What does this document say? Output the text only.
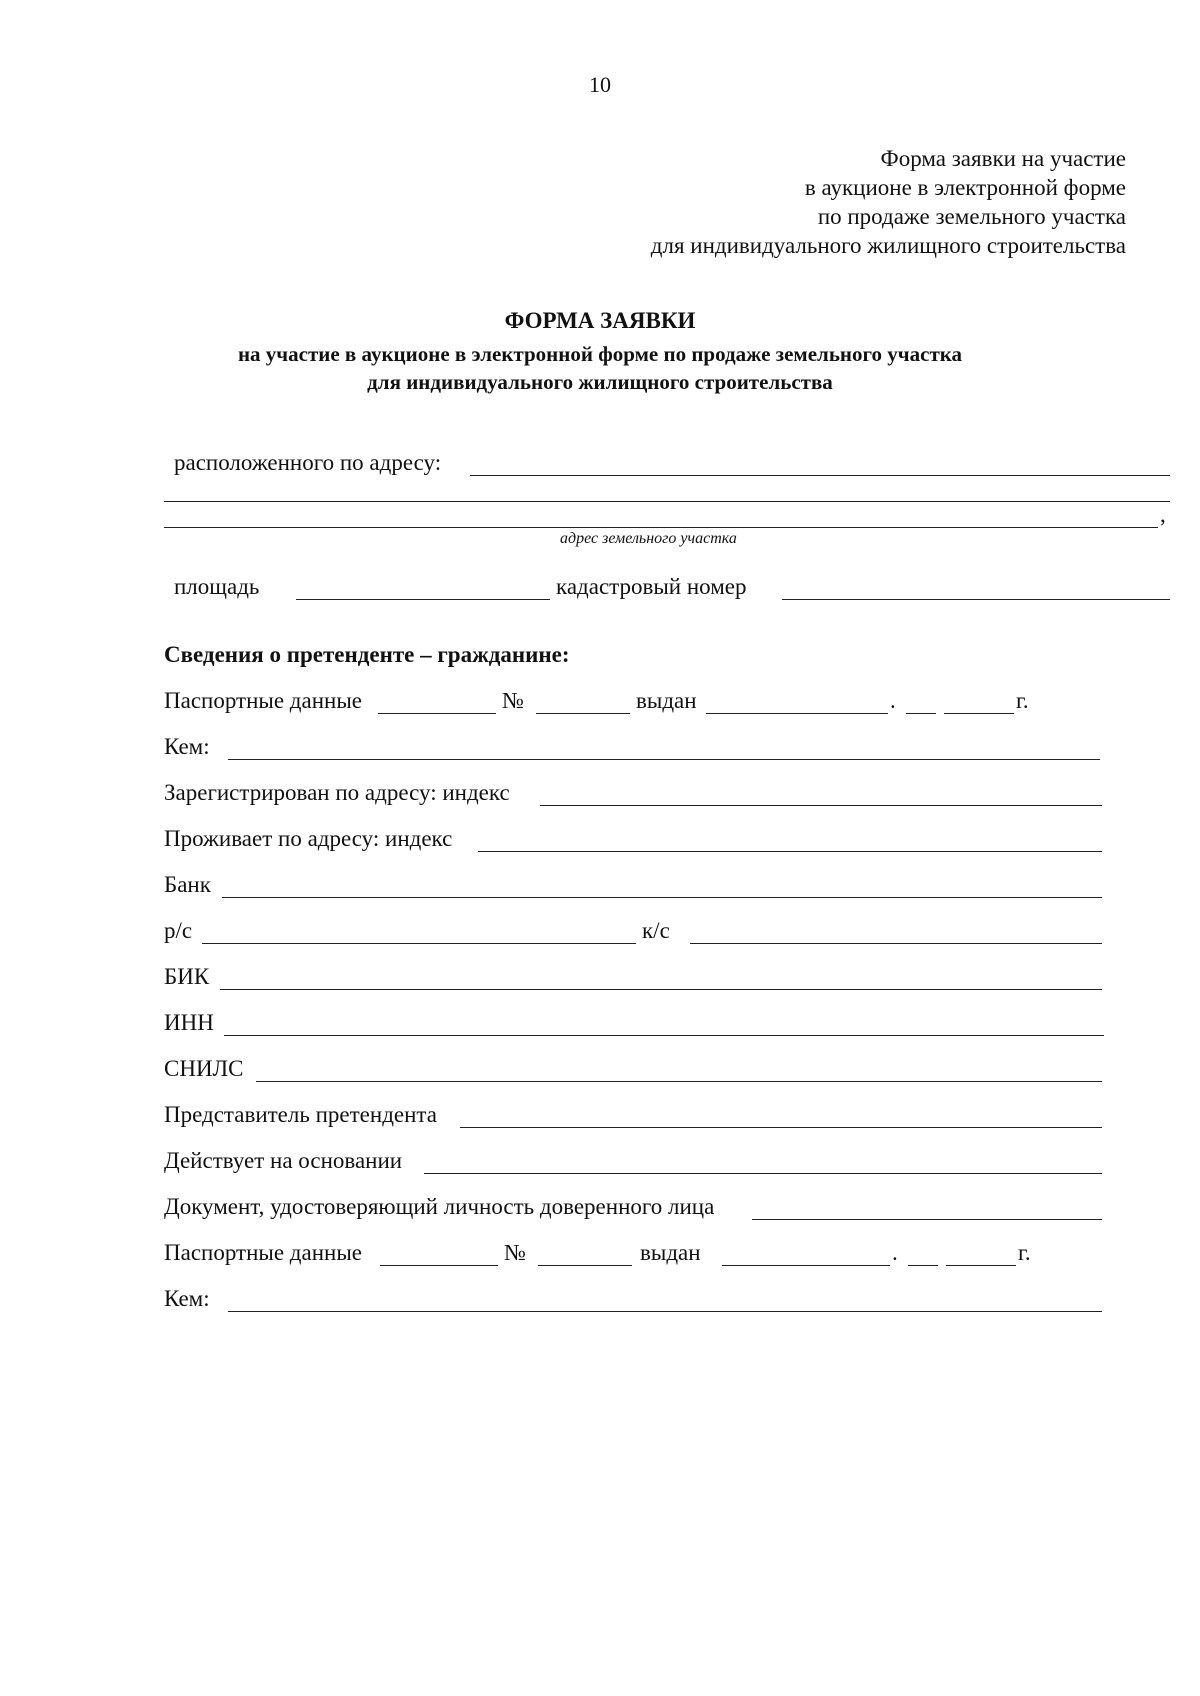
10
Форма заявки на участие
в аукционе в электронной форме
по продаже земельного участка
для индивидуального жилищного строительства
ФОРМА ЗАЯВКИ
на участие в аукционе в электронной форме по продаже земельного участка
для индивидуального жилищного строительства
расположенного по адресу:
,
адрес земельного участка
площадь	кадастровый номер
Сведения о претенденте – гражданине:
Паспортные данные	№	выдан	.	г.
Кем:
Зарегистрирован по адресу: индекс
Проживает по адресу: индекс
Банк
р/с	к/с
БИК
ИНН
СНИЛС
Представитель претендента
Действует на основании
Документ, удостоверяющий личность доверенного лица
Паспортные данные	№	выдан	.	г.
Кем:
